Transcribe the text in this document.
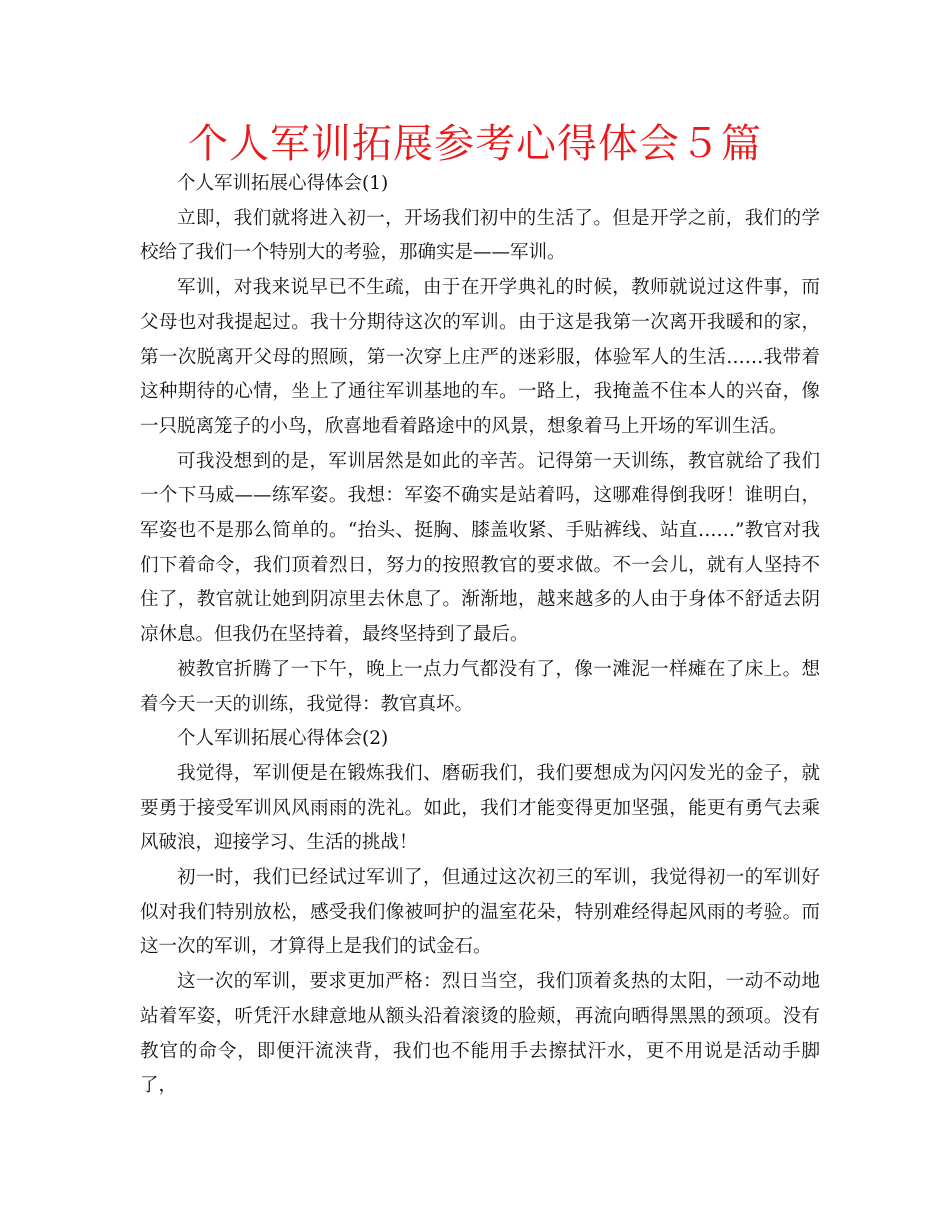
个人军训拓展参考心得体会５篇

个人军训拓展心得体会(1)

立即，我们就将进入初一，开场我们初中的生活了。但是开学之前，我们的学校给了我们一个特别大的考验，那确实是——军训。

军训，对我来说早已不生疏，由于在开学典礼的时候，教师就说过这件事，而父母也对我提起过。我十分期待这次的军训。由于这是我第一次离开我暖和的家，第一次脱离开父母的照顾，第一次穿上庄严的迷彩服，体验军人的生活……我带着这种期待的心情，坐上了通往军训基地的车。一路上，我掩盖不住本人的兴奋，像一只脱离笼子的小鸟，欣喜地看着路途中的风景，想象着马上开场的军训生活。

可我没想到的是，军训居然是如此的辛苦。记得第一天训练，教官就给了我们一个下马威——练军姿。我想：军姿不确实是站着吗，这哪难得倒我呀！谁明白，军姿也不是那么简单的。“抬头、挺胸、膝盖收紧、手贴裤线、站直……”教官对我们下着命令，我们顶着烈日，努力的按照教官的要求做。不一会儿，就有人坚持不住了，教官就让她到阴凉里去休息了。渐渐地，越来越多的人由于身体不舒适去阴凉休息。但我仍在坚持着，最终坚持到了最后。

被教官折腾了一下午，晚上一点力气都没有了，像一滩泥一样瘫在了床上。想着今天一天的训练，我觉得：教官真坏。

个人军训拓展心得体会(2)

我觉得，军训便是在锻炼我们、磨砺我们，我们要想成为闪闪发光的金子，就要勇于接受军训风风雨雨的洗礼。如此，我们才能变得更加坚强，能更有勇气去乘风破浪，迎接学习、生活的挑战！

初一时，我们已经试过军训了，但通过这次初三的军训，我觉得初一的军训好似对我们特别放松，感受我们像被呵护的温室花朵，特别难经得起风雨的考验。而这一次的军训，才算得上是我们的试金石。

这一次的军训，要求更加严格：烈日当空，我们顶着炙热的太阳，一动不动地站着军姿，听凭汗水肆意地从额头沿着滚烫的脸颊，再流向晒得黑黑的颈项。没有教官的命令，即便汗流浃背，我们也不能用手去擦拭汗水，更不用说是活动手脚了，
